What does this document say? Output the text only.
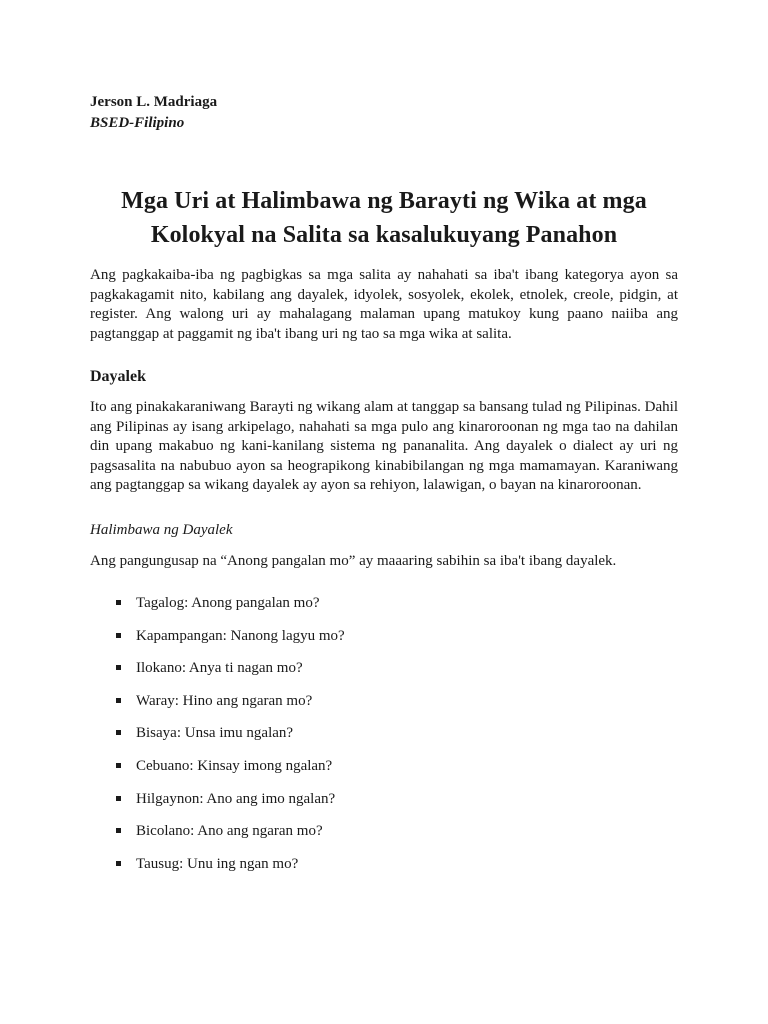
Jerson L. Madriaga
BSED-Filipino
Mga Uri at Halimbawa ng Barayti ng Wika at mga
Kolokyal na Salita sa kasalukuyang Panahon

Ang pagkakaiba-iba ng pagbigkas sa mga salita ay nahahati sa iba't ibang kategorya ayon sa pagkakagamit nito, kabilang ang dayalek, idyolek, sosyolek, ekolek, etnolek, creole, pidgin, at register. Ang walong uri ay mahalagang malaman upang matukoy kung paano naiiba ang pagtanggap at paggamit ng iba't ibang uri ng tao sa mga wika at salita.

Dayalek

Ito ang pinakakaraniwang Barayti ng wikang alam at tanggap sa bansang tulad ng Pilipinas. Dahil ang Pilipinas ay isang arkipelago, nahahati sa mga pulo ang kinaroroonan ng mga tao na dahilan din upang makabuo ng kani-kanilang sistema ng pananalita. Ang dayalek o dialect ay uri ng pagsasalita na nabubuo ayon sa heograpikong kinabibilangan ng mga mamamayan. Karaniwang ang pagtanggap sa wikang dayalek ay ayon sa rehiyon, lalawigan, o bayan na kinaroroonan.

Halimbawa ng Dayalek

Ang pangungusap na “Anong pangalan mo” ay maaaring sabihin sa iba't ibang dayalek.

Tagalog: Anong pangalan mo?
Kapampangan: Nanong lagyu mo?
Ilokano: Anya ti nagan mo?
Waray: Hino ang ngaran mo?
Bisaya: Unsa imu ngalan?
Cebuano: Kinsay imong ngalan?
Hilgaynon: Ano ang imo ngalan?
Bicolano: Ano ang ngaran mo?
Tausug: Unu ing ngan mo?
